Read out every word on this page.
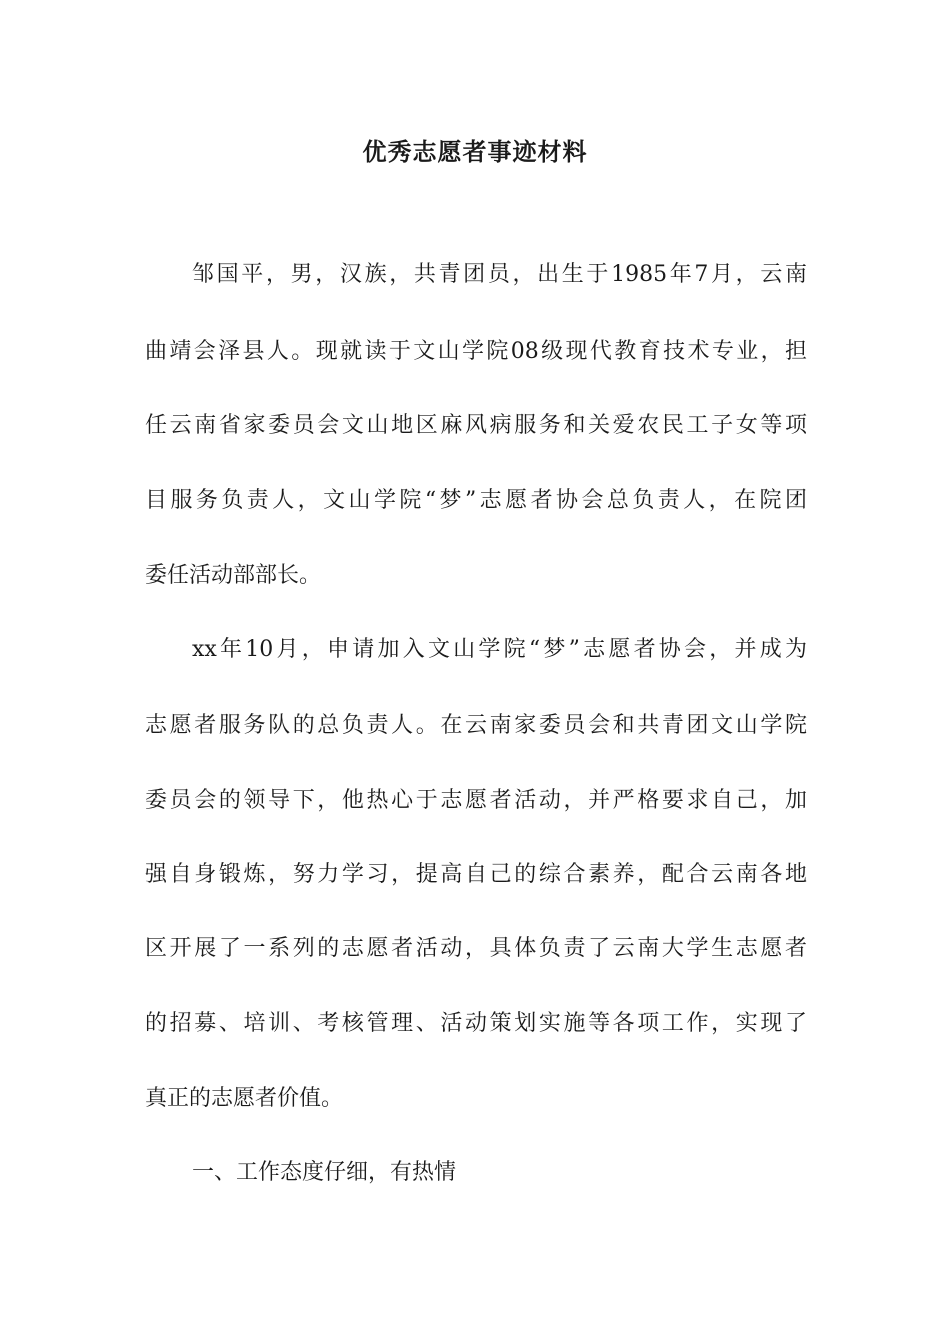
优秀志愿者事迹材料
邹国平，男，汉族，共青团员，出生于1985年7月，云南
曲靖会泽县人。现就读于文山学院08级现代教育技术专业，担
任云南省家委员会文山地区麻风病服务和关爱农民工子女等项
目服务负责人，文山学院“梦”志愿者协会总负责人，在院团
委任活动部部长。
xx年10月，申请加入文山学院“梦”志愿者协会，并成为
志愿者服务队的总负责人。在云南家委员会和共青团文山学院
委员会的领导下，他热心于志愿者活动，并严格要求自己，加
强自身锻炼，努力学习，提高自己的综合素养，配合云南各地
区开展了一系列的志愿者活动，具体负责了云南大学生志愿者
的招募、培训、考核管理、活动策划实施等各项工作，实现了
真正的志愿者价值。
一、工作态度仔细，有热情
